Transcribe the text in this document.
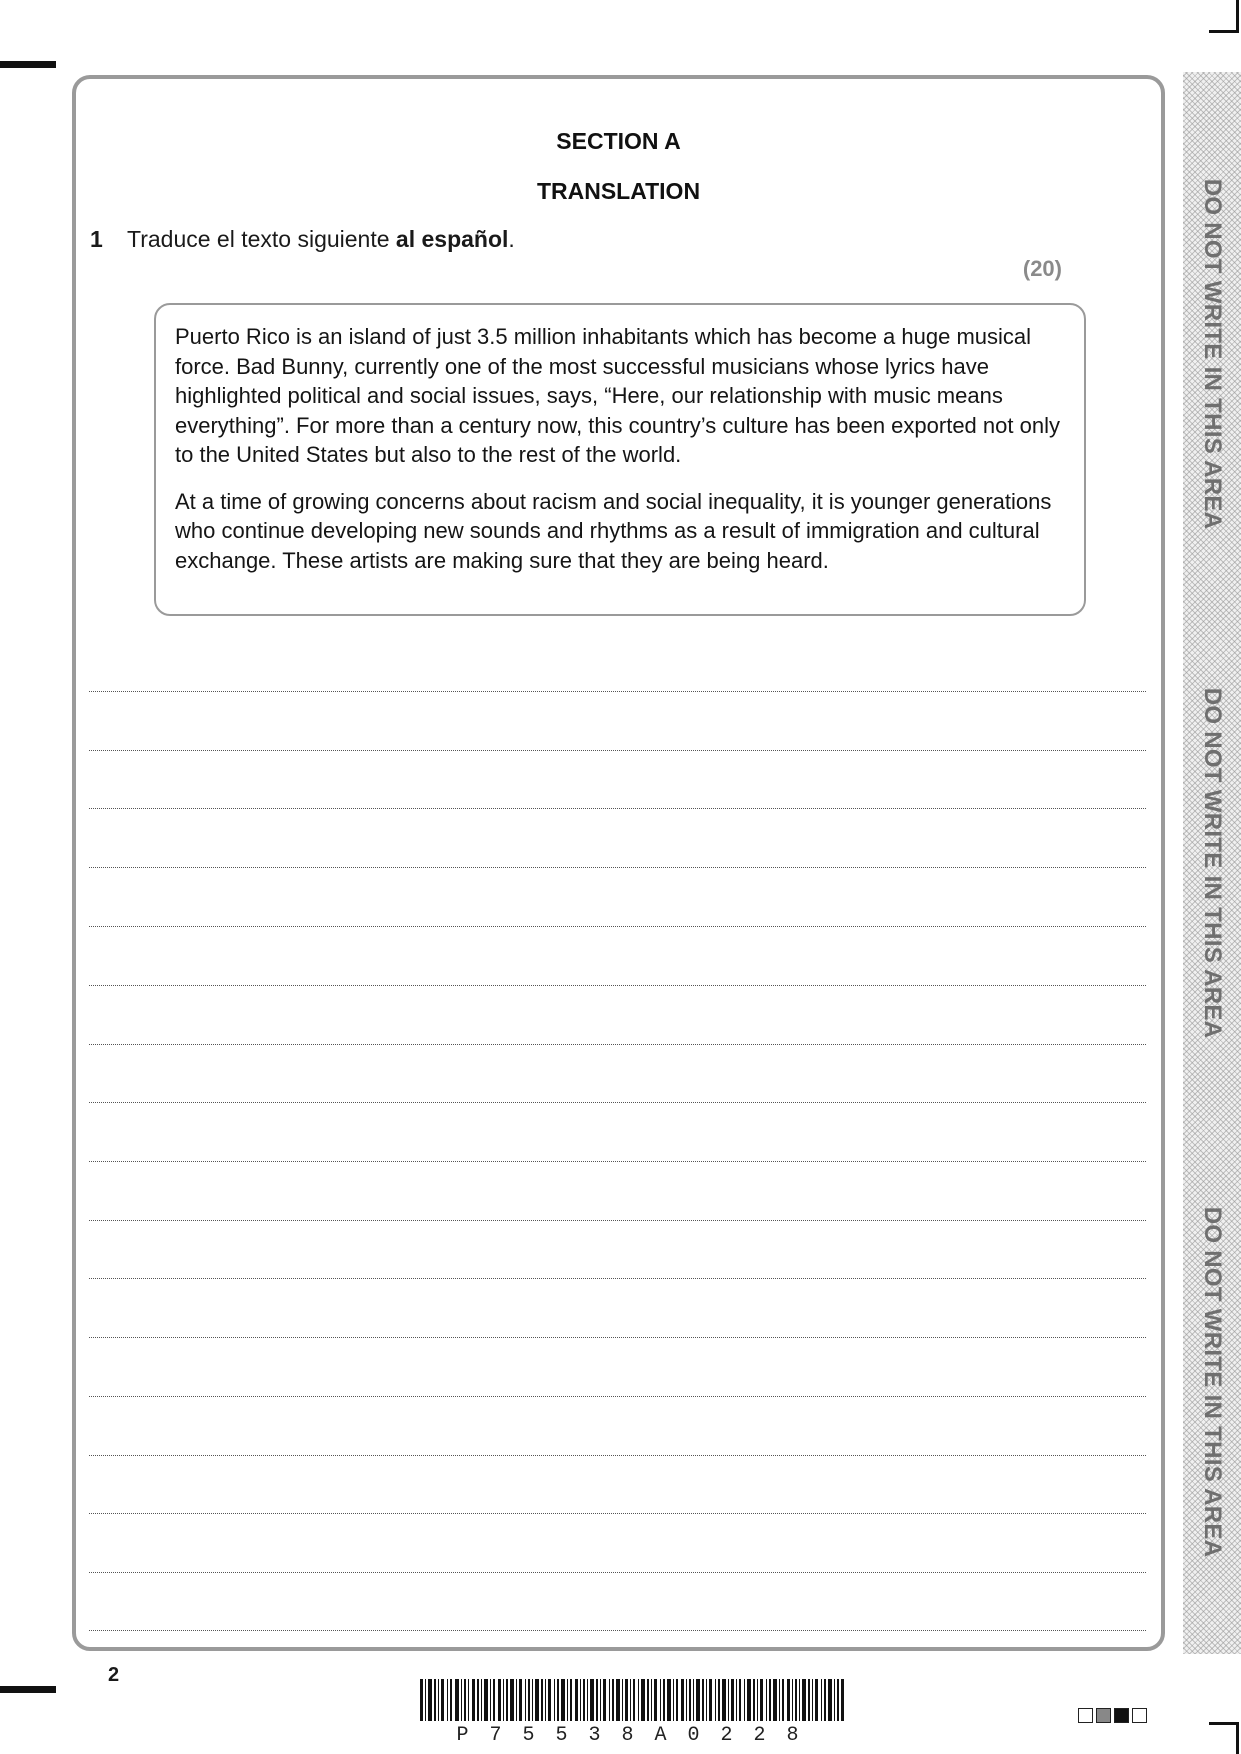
DO NOT WRITE IN THIS AREA
DO NOT WRITE IN THIS AREA
DO NOT WRITE IN THIS AREA
SECTION A
TRANSLATION
1 Traduce el texto siguiente al español.
(20)

Puerto Rico is an island of just 3.5 million inhabitants which has become a huge musical force. Bad Bunny, currently one of the most successful musicians whose lyrics have highlighted political and social issues, says, “Here, our relationship with music means everything”. For more than a century now, this country’s culture has been exported not only to the United States but also to the rest of the world.

At a time of growing concerns about racism and social inequality, it is younger generations who continue developing new sounds and rhythms as a result of immigration and cultural exchange. These artists are making sure that they are being heard.

2
P75538A0228
